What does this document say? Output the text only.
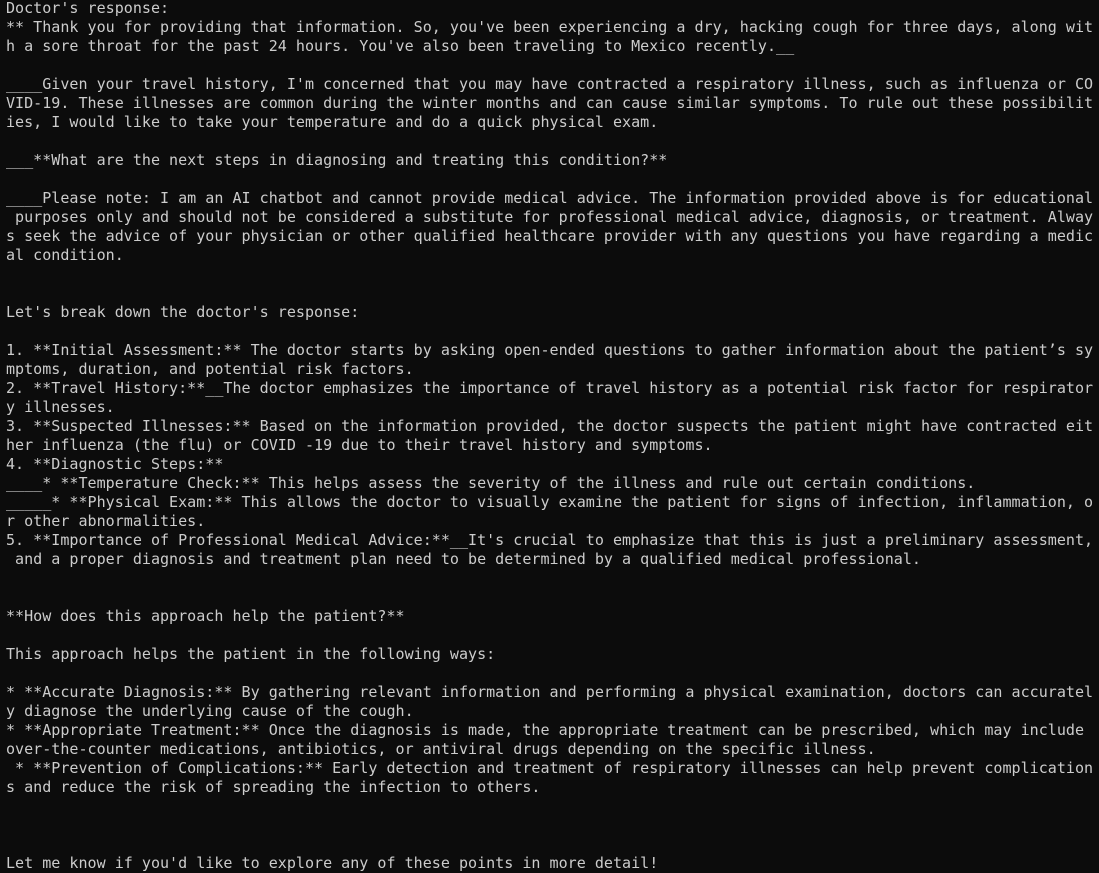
Doctor's response:
** Thank you for providing that information. So, you've been experiencing a dry, hacking cough for three days, along wit
h a sore throat for the past 24 hours. You've also been traveling to Mexico recently.__
____Given your travel history, I'm concerned that you may have contracted a respiratory illness, such as influenza or CO
VID-19. These illnesses are common during the winter months and can cause similar symptoms. To rule out these possibilit
ies, I would like to take your temperature and do a quick physical exam.
___**What are the next steps in diagnosing and treating this condition?**
____Please note: I am an AI chatbot and cannot provide medical advice. The information provided above is for educational
purposes only and should not be considered a substitute for professional medical advice, diagnosis, or treatment. Alway
s seek the advice of your physician or other qualified healthcare provider with any questions you have regarding a medic
al condition.
Let's break down the doctor's response:
1. **Initial Assessment:** The doctor starts by asking open-ended questions to gather information about the patient’s sy
mptoms, duration, and potential risk factors.
2. **Travel History:**__The doctor emphasizes the importance of travel history as a potential risk factor for respirator
y illnesses.
3. **Suspected Illnesses:** Based on the information provided, the doctor suspects the patient might have contracted eit
her influenza (the flu) or COVID -19 due to their travel history and symptoms.
4. **Diagnostic Steps:**
____* **Temperature Check:** This helps assess the severity of the illness and rule out certain conditions.
_____* **Physical Exam:** This allows the doctor to visually examine the patient for signs of infection, inflammation, o
r other abnormalities.
5. **Importance of Professional Medical Advice:**__It's crucial to emphasize that this is just a preliminary assessment,
and a proper diagnosis and treatment plan need to be determined by a qualified medical professional.
**How does this approach help the patient?**
This approach helps the patient in the following ways:
* **Accurate Diagnosis:** By gathering relevant information and performing a physical examination, doctors can accuratel
y diagnose the underlying cause of the cough.
* **Appropriate Treatment:** Once the diagnosis is made, the appropriate treatment can be prescribed, which may include
over-the-counter medications, antibiotics, or antiviral drugs depending on the specific illness.
* **Prevention of Complications:** Early detection and treatment of respiratory illnesses can help prevent complication
s and reduce the risk of spreading the infection to others.
Let me know if you'd like to explore any of these points in more detail!
